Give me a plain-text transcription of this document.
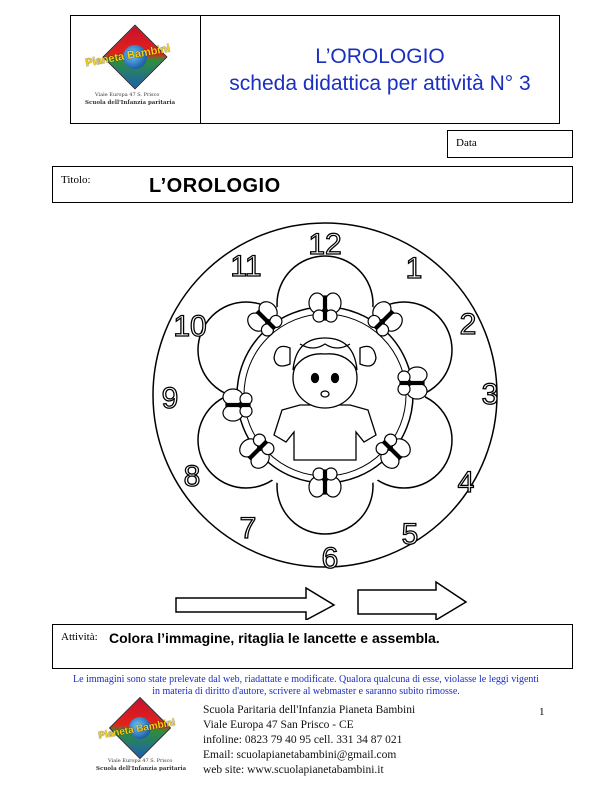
Pianeta Bambini
Viale Europa 47 S. Prisco
Scuola dell'Infanzia paritaria
L’OROLOGIO
scheda didattica per attività N° 3
Data
Titolo:	L’OROLOGIO
12
1
2
3
4
5
6
7
8
9
10
11
Attività: Colora l’immagine, ritaglia le lancette e assembla.
Le immagini sono state prelevate dal web, riadattate e modificate. Qualora qualcuna di esse, violasse le leggi vigenti
in materia di diritto d'autore, scrivere al webmaster e saranno subito rimosse.
1
Pianeta Bambini
Viale Europa 47 S. Prisco
Scuola dell'Infanzia paritaria
Scuola Paritaria dell'Infanzia Pianeta Bambini
Viale Europa 47 San Prisco - CE
infoline: 0823 79 40 95 cell. 331 34 87 021
Email: scuolapianetabambini@gmail.com
web site: www.scuolapianetabambini.it
